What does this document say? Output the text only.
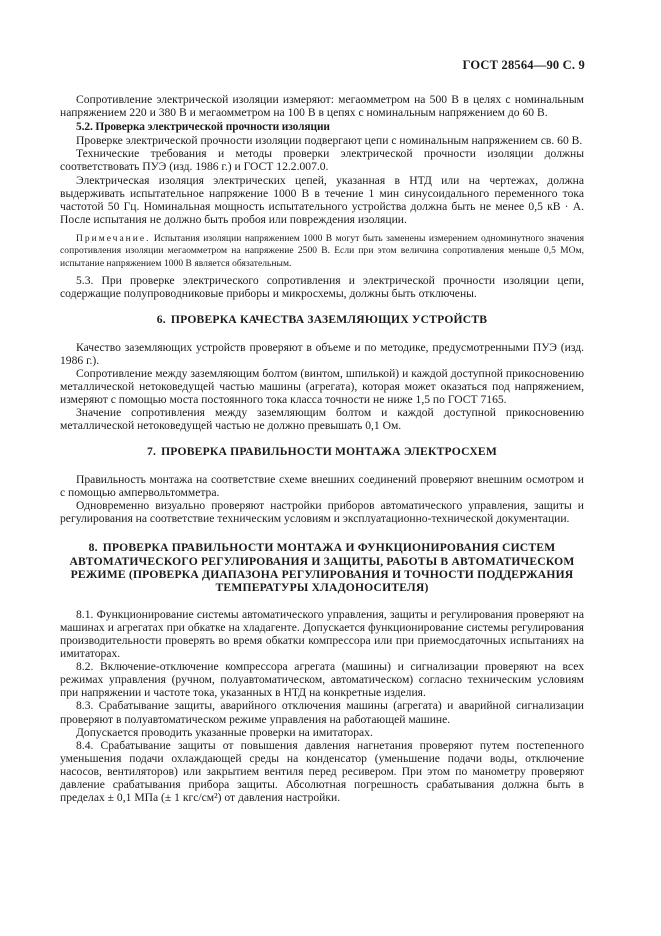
ГОСТ 28564—90 С. 9

Сопротивление электрической изоляции измеряют: мегаомметром на 500 В в целях с номинальным напряжением 220 и 380 В и мегаомметром на 100 В в цепях с номинальным напряжением до 60 В.

5.2. Проверка электрической прочности изоляции

Проверке электрической прочности изоляции подвергают цепи с номинальным напряжением св. 60 В.

Технические требования и методы проверки электрической прочности изоляции должны соответствовать ПУЭ (изд. 1986 г.) и ГОСТ 12.2.007.0.

Электрическая изоляция электрических цепей, указанная в НТД или на чертежах, должна выдерживать испытательное напряжение 1000 В в течение 1 мин синусоидального переменного тока частотой 50 Гц. Номинальная мощность испытательного устройства должна быть не менее 0,5 кВ · А. После испытания не должно быть пробоя или повреждения изоляции.

Примечание. Испытания изоляции напряжением 1000 В могут быть заменены измерением одноминутного значения сопротивления изоляции мегаомметром на напряжение 2500 В. Если при этом величина сопротивления меньше 0,5 МОм, испытание напряжением 1000 В является обязательным.

5.3. При проверке электрического сопротивления и электрической прочности изоляции цепи, содержащие полупроводниковые приборы и микросхемы, должны быть отключены.

6. ПРОВЕРКА КАЧЕСТВА ЗАЗЕМЛЯЮЩИХ УСТРОЙСТВ

Качество заземляющих устройств проверяют в объеме и по методике, предусмотренными ПУЭ (изд. 1986 г.).

Сопротивление между заземляющим болтом (винтом, шпилькой) и каждой доступной прикосновению металлической нетоковедущей частью машины (агрегата), которая может оказаться под напряжением, измеряют с помощью моста постоянного тока класса точности не ниже 1,5 по ГОСТ 7165.

Значение сопротивления между заземляющим болтом и каждой доступной прикосновению металлической нетоковедущей частью не должно превышать 0,1 Ом.

7. ПРОВЕРКА ПРАВИЛЬНОСТИ МОНТАЖА ЭЛЕКТРОСХЕМ

Правильность монтажа на соответствие схеме внешних соединений проверяют внешним осмотром и с помощью ампервольтомметра.

Одновременно визуально проверяют настройки приборов автоматического управления, защиты и регулирования на соответствие техническим условиям и эксплуатационно-технической документации.

8. ПРОВЕРКА ПРАВИЛЬНОСТИ МОНТАЖА И ФУНКЦИОНИРОВАНИЯ СИСТЕМ АВТОМАТИЧЕСКОГО РЕГУЛИРОВАНИЯ И ЗАЩИТЫ, РАБОТЫ В АВТОМАТИЧЕСКОМ РЕЖИМЕ (ПРОВЕРКА ДИАПАЗОНА РЕГУЛИРОВАНИЯ И ТОЧНОСТИ ПОДДЕРЖАНИЯ ТЕМПЕРАТУРЫ ХЛАДОНОСИТЕЛЯ)

8.1. Функционирование системы автоматического управления, защиты и регулирования проверяют на машинах и агрегатах при обкатке на хладагенте. Допускается функционирование системы регулирования производительности проверять во время обкатки компрессора или при приемосдаточных испытаниях на имитаторах.

8.2. Включение-отключение компрессора агрегата (машины) и сигнализации проверяют на всех режимах управления (ручном, полуавтоматическом, автоматическом) согласно техническим условиям при напряжении и частоте тока, указанных в НТД на конкретные изделия.

8.3. Срабатывание защиты, аварийного отключения машины (агрегата) и аварийной сигнализации проверяют в полуавтоматическом режиме управления на работающей машине.

Допускается проводить указанные проверки на имитаторах.

8.4. Срабатывание защиты от повышения давления нагнетания проверяют путем постепенного уменьшения подачи охлаждающей среды на конденсатор (уменьшение подачи воды, отключение насосов, вентиляторов) или закрытием вентиля перед ресивером. При этом по манометру проверяют давление срабатывания прибора защиты. Абсолютная погрешность срабатывания должна быть в пределах ± 0,1 МПа (± 1 кгс/см²) от давления настройки.
